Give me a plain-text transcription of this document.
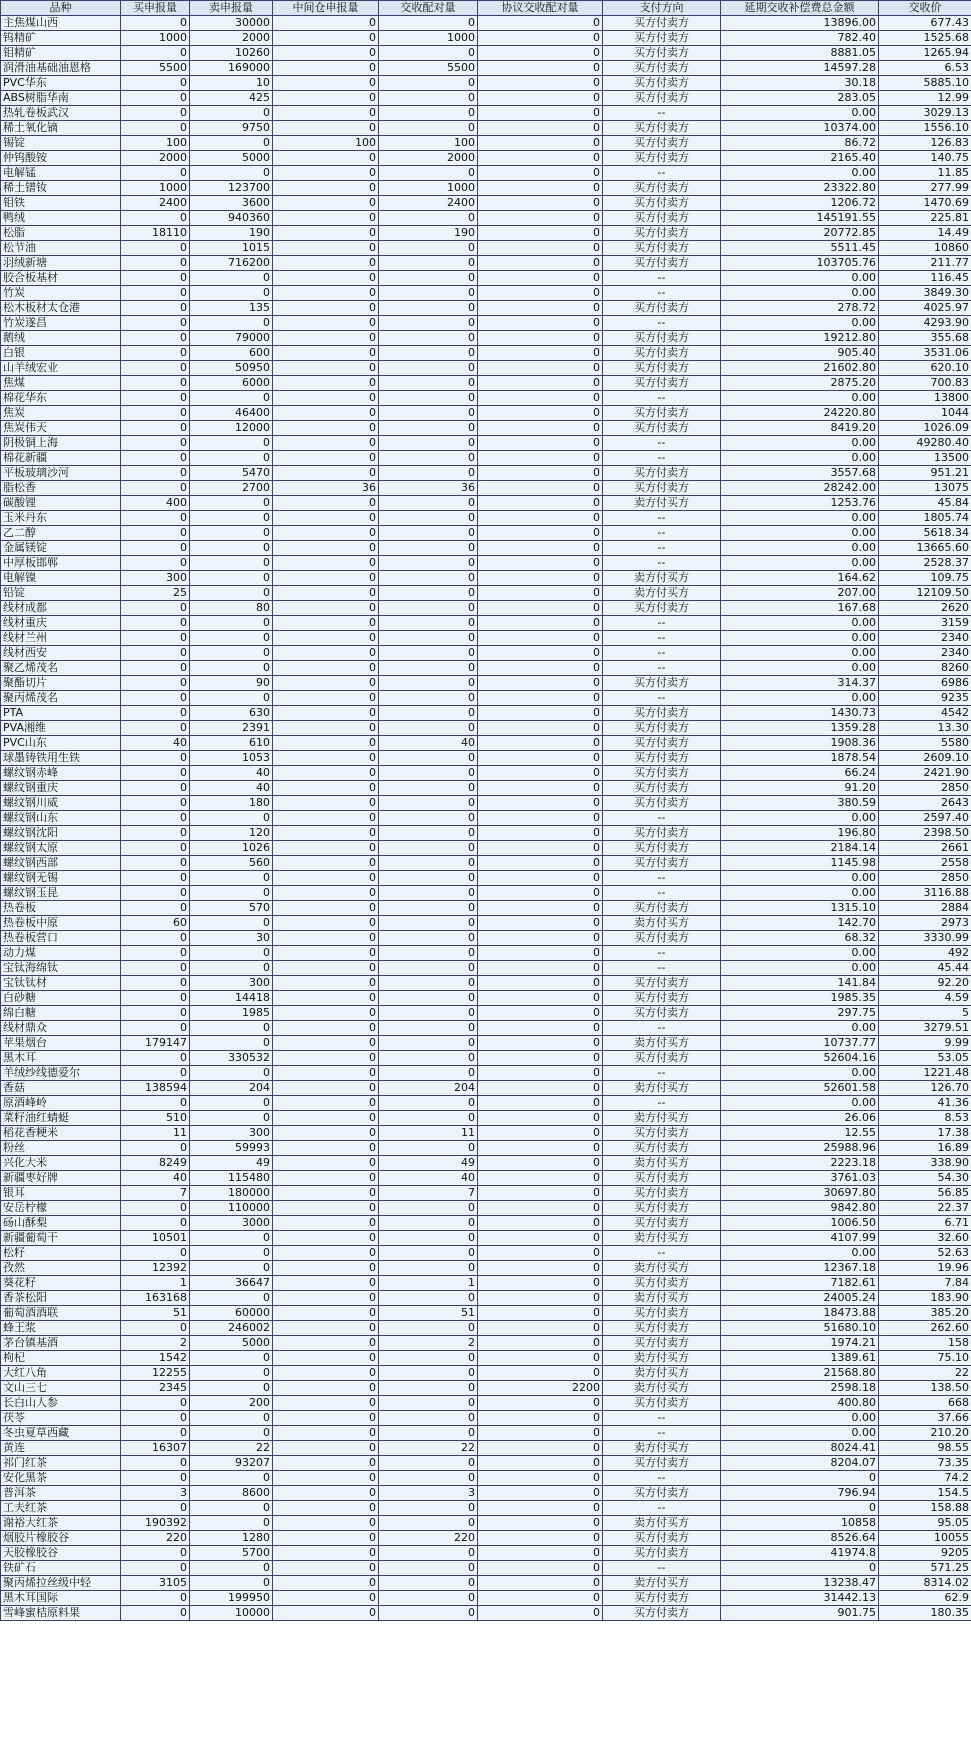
品种	买申报量	卖申报量	中间仓申报量	交收配对量	协议交收配对量	支付方向	延期交收补偿费总金额	交收价
主焦煤山西	0	30000	0	0	0	买方付卖方	13896.00	677.43
钨精矿	1000	2000	0	1000	0	买方付卖方	782.40	1525.68
钼精矿	0	10260	0	0	0	买方付卖方	8881.05	1265.94
润滑油基础油恩格	5500	169000	0	5500	0	买方付卖方	14597.28	6.53
PVC华东	0	10	0	0	0	买方付卖方	30.18	5885.10
ABS树脂华南	0	425	0	0	0	买方付卖方	283.05	12.99
热轧卷板武汉	0	0	0	0	0	--	0.00	3029.13
稀土氧化镝	0	9750	0	0	0	买方付卖方	10374.00	1556.10
锡锭	100	0	100	100	0	买方付卖方	86.72	126.83
仲钨酸铵	2000	5000	0	2000	0	买方付卖方	2165.40	140.75
电解锰	0	0	0	0	0	--	0.00	11.85
稀土镨钕	1000	123700	0	1000	0	买方付卖方	23322.80	277.99
钼铁	2400	3600	0	2400	0	买方付卖方	1206.72	1470.69
鸭绒	0	940360	0	0	0	买方付卖方	145191.55	225.81
松脂	18110	190	0	190	0	买方付卖方	20772.85	14.49
松节油	0	1015	0	0	0	买方付卖方	5511.45	10860
羽绒新塘	0	716200	0	0	0	买方付卖方	103705.76	211.77
胶合板基材	0	0	0	0	0	--	0.00	116.45
竹炭	0	0	0	0	0	--	0.00	3849.30
松木板材太仓港	0	135	0	0	0	买方付卖方	278.72	4025.97
竹炭遂昌	0	0	0	0	0	--	0.00	4293.90
鹅绒	0	79000	0	0	0	买方付卖方	19212.80	355.68
白银	0	600	0	0	0	买方付卖方	905.40	3531.06
山羊绒宏业	0	50950	0	0	0	买方付卖方	21602.80	620.10
焦煤	0	6000	0	0	0	买方付卖方	2875.20	700.83
棉花华东	0	0	0	0	0	--	0.00	13800
焦炭	0	46400	0	0	0	买方付卖方	24220.80	1044
焦炭伟天	0	12000	0	0	0	买方付卖方	8419.20	1026.09
阴极铜上海	0	0	0	0	0	--	0.00	49280.40
棉花新疆	0	0	0	0	0	--	0.00	13500
平板玻璃沙河	0	5470	0	0	0	买方付卖方	3557.68	951.21
脂松香	0	2700	36	36	0	买方付卖方	28242.00	13075
碳酸锂	400	0	0	0	0	卖方付买方	1253.76	45.84
玉米丹东	0	0	0	0	0	--	0.00	1805.74
乙二醇	0	0	0	0	0	--	0.00	5618.34
金属镁锭	0	0	0	0	0	--	0.00	13665.60
中厚板邯郸	0	0	0	0	0	--	0.00	2528.37
电解镍	300	0	0	0	0	卖方付买方	164.62	109.75
铅锭	25	0	0	0	0	卖方付买方	207.00	12109.50
线材成都	0	80	0	0	0	买方付卖方	167.68	2620
线材重庆	0	0	0	0	0	--	0.00	3159
线材兰州	0	0	0	0	0	--	0.00	2340
线材西安	0	0	0	0	0	--	0.00	2340
聚乙烯茂名	0	0	0	0	0	--	0.00	8260
聚酯切片	0	90	0	0	0	买方付卖方	314.37	6986
聚丙烯茂名	0	0	0	0	0	--	0.00	9235
PTA	0	630	0	0	0	买方付卖方	1430.73	4542
PVA湘维	0	2391	0	0	0	买方付卖方	1359.28	13.30
PVC山东	40	610	0	40	0	买方付卖方	1908.36	5580
球墨铸铁用生铁	0	1053	0	0	0	买方付卖方	1878.54	2609.10
螺纹钢赤峰	0	40	0	0	0	买方付卖方	66.24	2421.90
螺纹钢重庆	0	40	0	0	0	买方付卖方	91.20	2850
螺纹钢川威	0	180	0	0	0	买方付卖方	380.59	2643
螺纹钢山东	0	0	0	0	0	--	0.00	2597.40
螺纹钢沈阳	0	120	0	0	0	买方付卖方	196.80	2398.50
螺纹钢太原	0	1026	0	0	0	买方付卖方	2184.14	2661
螺纹钢西部	0	560	0	0	0	买方付卖方	1145.98	2558
螺纹钢无锡	0	0	0	0	0	--	0.00	2850
螺纹钢玉昆	0	0	0	0	0	--	0.00	3116.88
热卷板	0	570	0	0	0	买方付卖方	1315.10	2884
热卷板中原	60	0	0	0	0	卖方付买方	142.70	2973
热卷板营口	0	30	0	0	0	买方付卖方	68.32	3330.99
动力煤	0	0	0	0	0	--	0.00	492
宝钛海绵钛	0	0	0	0	0	--	0.00	45.44
宝钛钛材	0	300	0	0	0	买方付卖方	141.84	92.20
白砂糖	0	14418	0	0	0	买方付卖方	1985.35	4.59
绵白糖	0	1985	0	0	0	买方付卖方	297.75	5
线材鼎众	0	0	0	0	0	--	0.00	3279.51
苹果烟台	179147	0	0	0	0	卖方付买方	10737.77	9.99
黑木耳	0	330532	0	0	0	买方付卖方	52604.16	53.05
羊绒纱线德爱尔	0	0	0	0	0	--	0.00	1221.48
香菇	138594	204	0	204	0	卖方付买方	52601.58	126.70
原酒峰岭	0	0	0	0	0	--	0.00	41.36
菜籽油红蜻蜓	510	0	0	0	0	卖方付买方	26.06	8.53
稻花香粳米	11	300	0	11	0	买方付卖方	12.55	17.38
粉丝	0	59993	0	0	0	买方付卖方	25988.96	16.89
兴化大米	8249	49	0	49	0	卖方付买方	2223.18	338.90
新疆枣好牌	40	115480	0	40	0	买方付卖方	3761.03	54.30
银耳	7	180000	0	7	0	买方付卖方	30697.80	56.85
安岳柠檬	0	110000	0	0	0	买方付卖方	9842.80	22.37
砀山酥梨	0	3000	0	0	0	买方付卖方	1006.50	6.71
新疆葡萄干	10501	0	0	0	0	卖方付买方	4107.99	32.60
松籽	0	0	0	0	0	--	0.00	52.63
孜然	12392	0	0	0	0	卖方付买方	12367.18	19.96
葵花籽	1	36647	0	1	0	买方付卖方	7182.61	7.84
香茶松阳	163168	0	0	0	0	卖方付买方	24005.24	183.90
葡萄酒酒联	51	60000	0	51	0	买方付卖方	18473.88	385.20
蜂王浆	0	246002	0	0	0	买方付卖方	51680.10	262.60
茅台镇基酒	2	5000	0	2	0	买方付卖方	1974.21	158
枸杞	1542	0	0	0	0	卖方付买方	1389.61	75.10
大红八角	12255	0	0	0	0	卖方付买方	21568.80	22
文山三七	2345	0	0	0	2200	卖方付买方	2598.18	138.50
长白山人参	0	200	0	0	0	买方付卖方	400.80	668
茯苓	0	0	0	0	0	--	0.00	37.66
冬虫夏草西藏	0	0	0	0	0	--	0.00	210.20
黄连	16307	22	0	22	0	卖方付买方	8024.41	98.55
祁门红茶	0	93207	0	0	0	买方付卖方	8204.07	73.35
安化黑茶	0	0	0	0	0	--	0	74.2
普洱茶	3	8600	0	3	0	买方付卖方	796.94	154.5
工夫红茶	0	0	0	0	0	--	0	158.88
谢裕大红茶	190392	0	0	0	0	卖方付买方	10858	95.05
烟胶片橡胶谷	220	1280	0	220	0	买方付卖方	8526.64	10055
天胶橡胶谷	0	5700	0	0	0	买方付卖方	41974.8	9205
铁矿石	0	0	0	0	0	--	0	571.25
聚丙烯拉丝级中轻	3105	0	0	0	0	卖方付买方	13238.47	8314.02
黑木耳国际	0	199950	0	0	0	买方付卖方	31442.13	62.9
雪峰蜜桔原料果	0	10000	0	0	0	买方付卖方	901.75	180.35
